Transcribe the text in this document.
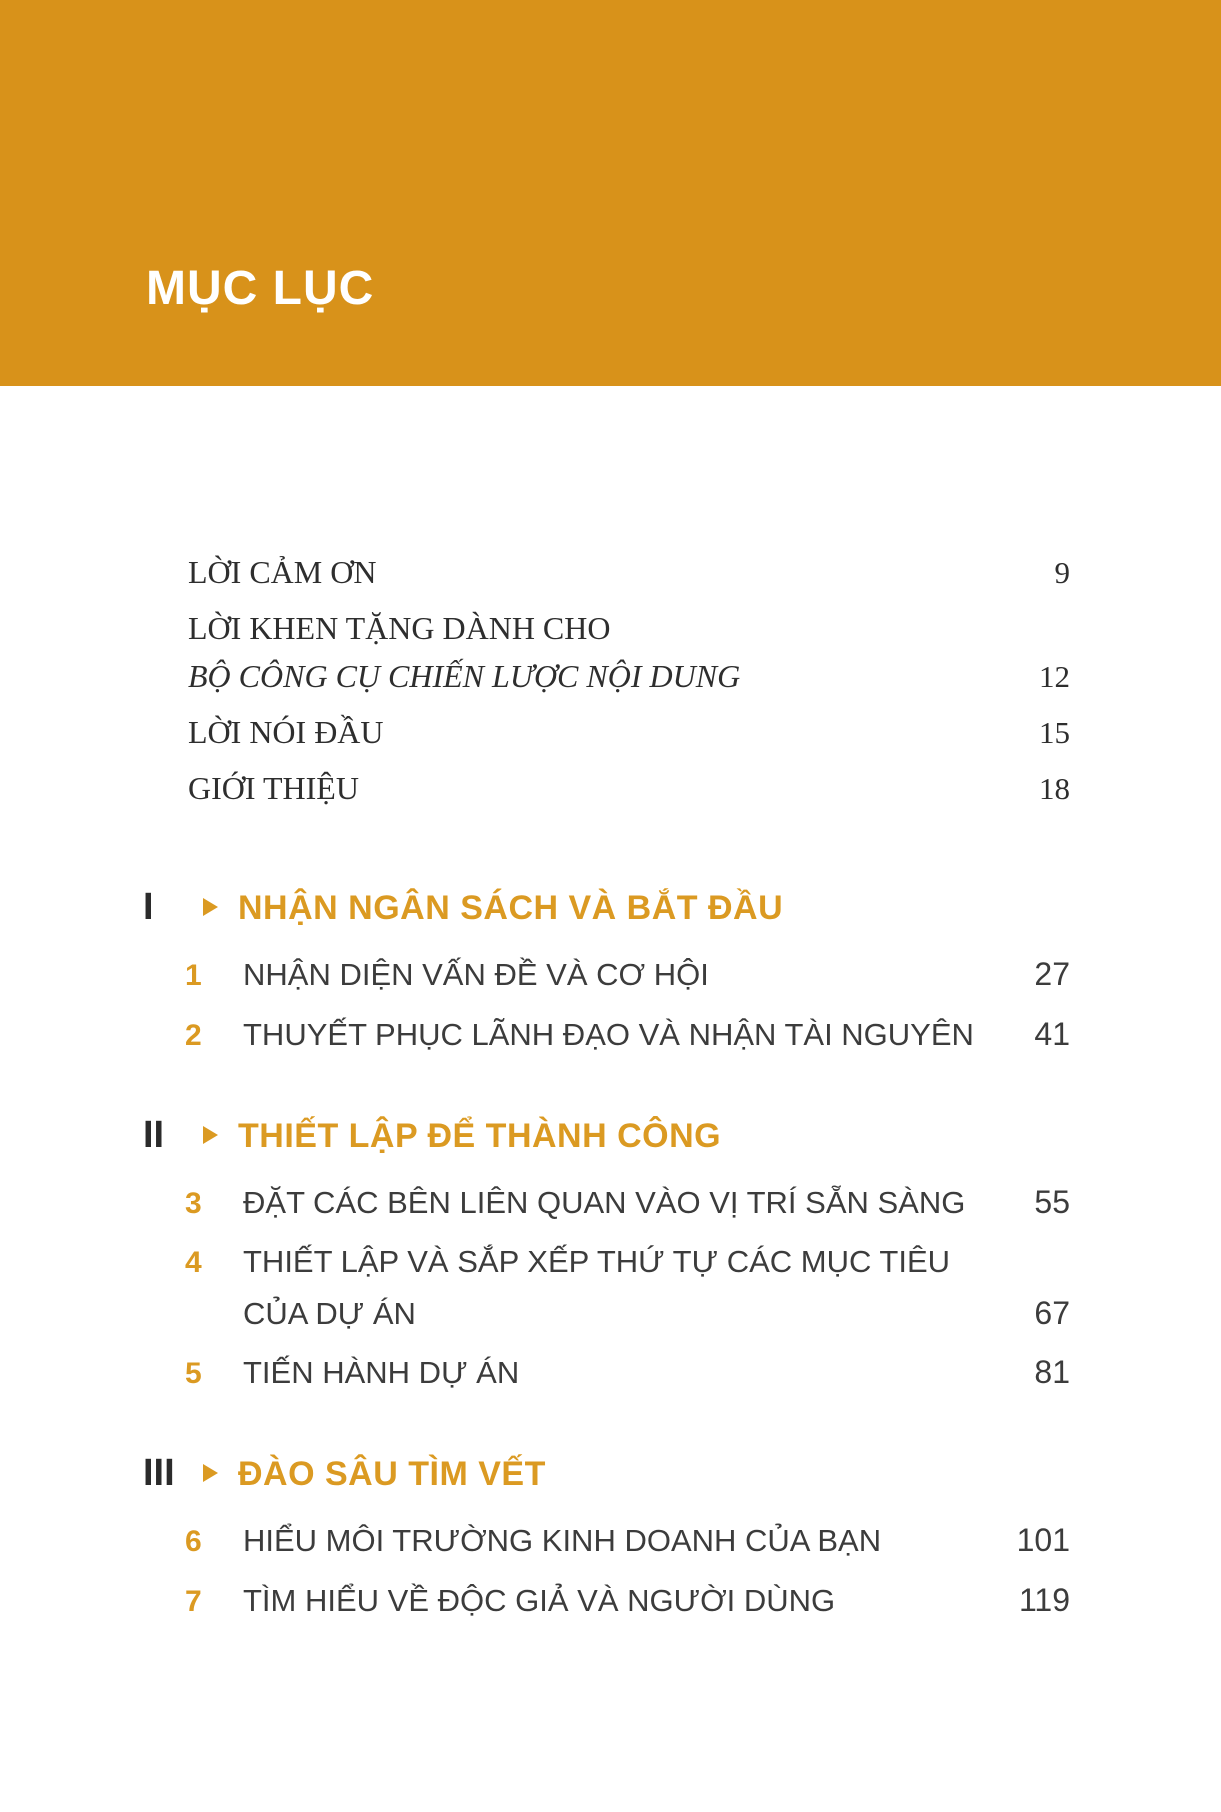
MỤC LỤC
LỜI CẢM ƠN	9
LỜI KHEN TẶNG DÀNH CHO
BỘ CÔNG CỤ CHIẾN LƯỢC NỘI DUNG	12
LỜI NÓI ĐẦU	15
GIỚI THIỆU	18
I	NHẬN NGÂN SÁCH VÀ BẮT ĐẦU
1	NHẬN DIỆN VẤN ĐỀ VÀ CƠ HỘI	27
2	THUYẾT PHỤC LÃNH ĐẠO VÀ NHẬN TÀI NGUYÊN 41
II	THIẾT LẬP ĐỂ THÀNH CÔNG
3	ĐẶT CÁC BÊN LIÊN QUAN VÀO VỊ TRÍ SẴN SÀNG 55
4	THIẾT LẬP VÀ SẮP XẾP THỨ TỰ CÁC MỤC TIÊU
CỦA DỰ ÁN	67
5	TIẾN HÀNH DỰ ÁN	81
III	ĐÀO SÂU TÌM VẾT
6	HIỂU MÔI TRƯỜNG KINH DOANH CỦA BẠN	101
7	TÌM HIỂU VỀ ĐỘC GIẢ VÀ NGƯỜI DÙNG	119
